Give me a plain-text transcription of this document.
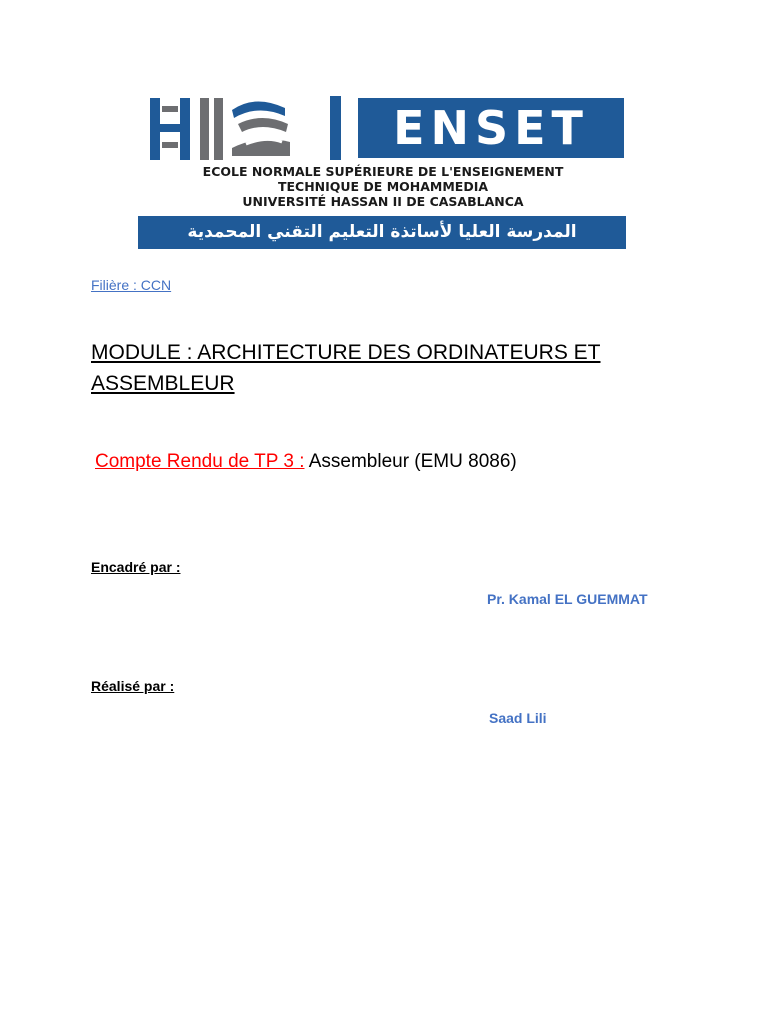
ENSET
ECOLE NORMALE SUPÉRIEURE DE L'ENSEIGNEMENT
TECHNIQUE DE MOHAMMEDIA
UNIVERSITÉ HASSAN II DE CASABLANCA
المدرسة العليا لأساتذة التعليم التقني المحمدية
Filière : CCN
MODULE : ARCHITECTURE DES ORDINATEURS ET
ASSEMBLEUR
Compte Rendu de TP 3 : Assembleur (EMU 8086)
Encadré par :
Pr. Kamal EL GUEMMAT
Réalisé par :
Saad Lili
